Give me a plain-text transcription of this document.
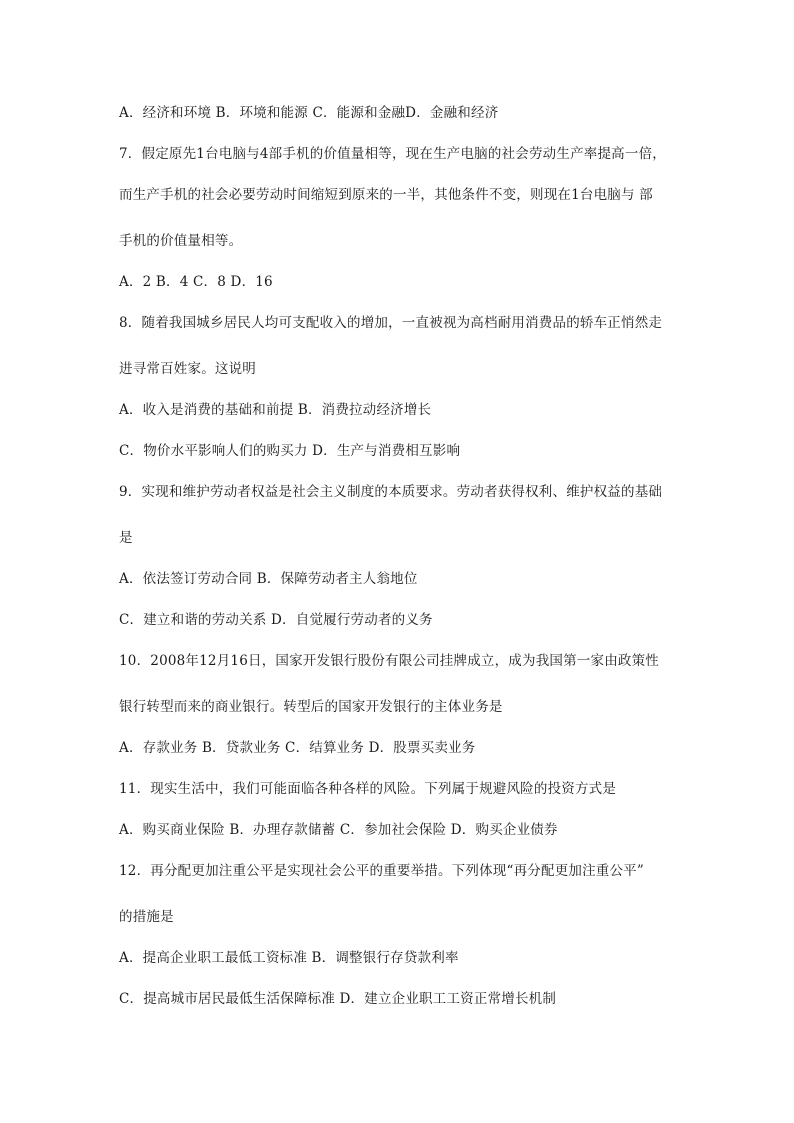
A．经济和环境 B．环境和能源 C．能源和金融D．金融和经济
7．假定原先1台电脑与4部手机的价值量相等，现在生产电脑的社会劳动生产率提高一倍，
而生产手机的社会必要劳动时间缩短到原来的一半，其他条件不变，则现在1台电脑与 部
手机的价值量相等。
A．2 B．4 C．8 D．16
8．随着我国城乡居民人均可支配收入的增加，一直被视为高档耐用消费品的轿车正悄然走
进寻常百姓家。这说明
A．收入是消费的基础和前提 B．消费拉动经济增长
C．物价水平影响人们的购买力 D．生产与消费相互影响
9．实现和维护劳动者权益是社会主义制度的本质要求。劳动者获得权利、维护权益的基础
是
A．依法签订劳动合同 B．保障劳动者主人翁地位
C．建立和谐的劳动关系 D．自觉履行劳动者的义务
10．2008年12月16日，国家开发银行股份有限公司挂牌成立，成为我国第一家由政策性
银行转型而来的商业银行。转型后的国家开发银行的主体业务是
A．存款业务 B．贷款业务 C．结算业务 D．股票买卖业务
11．现实生活中，我们可能面临各种各样的风险。下列属于规避风险的投资方式是
A．购买商业保险 B．办理存款储蓄 C．参加社会保险 D．购买企业债券
12．再分配更加注重公平是实现社会公平的重要举措。下列体现“再分配更加注重公平”
的措施是
A．提高企业职工最低工资标准 B．调整银行存贷款利率
C．提高城市居民最低生活保障标准 D．建立企业职工工资正常增长机制
